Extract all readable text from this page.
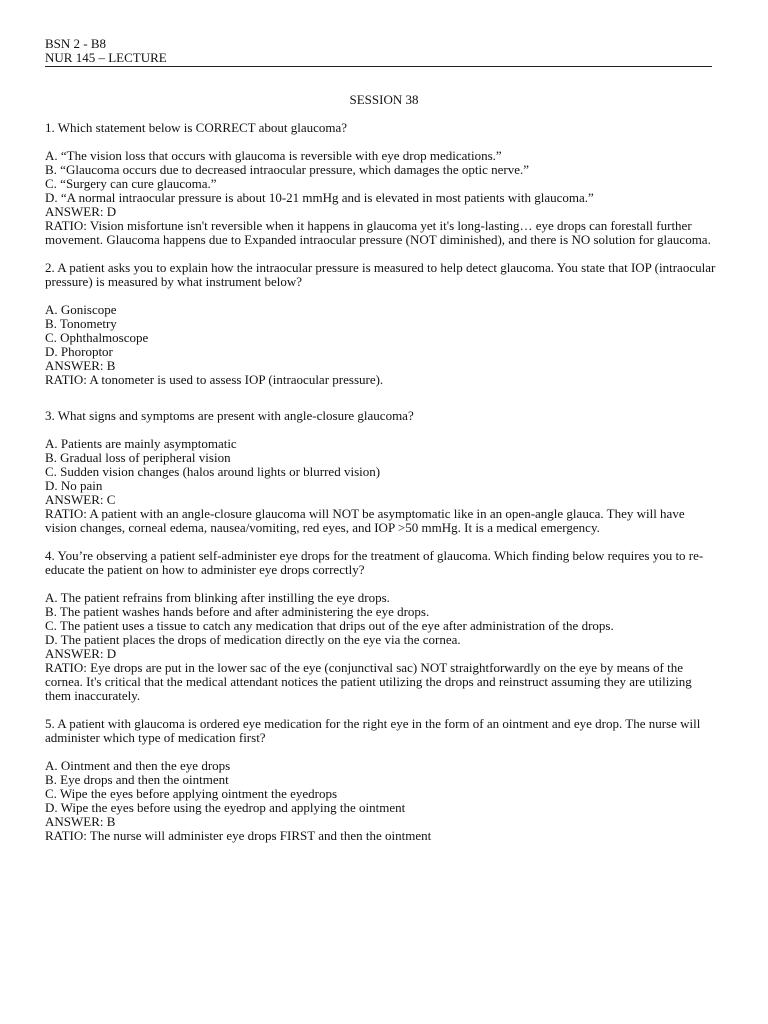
BSN 2 - B8
NUR 145 – LECTURE
SESSION 38
1. Which statement below is CORRECT about glaucoma?
A. “The vision loss that occurs with glaucoma is reversible with eye drop medications.”
B. “Glaucoma occurs due to decreased intraocular pressure, which damages the optic nerve.”
C. “Surgery can cure glaucoma.”
D. “A normal intraocular pressure is about 10-21 mmHg and is elevated in most patients with glaucoma.”
ANSWER: D
RATIO: Vision misfortune isn't reversible when it happens in glaucoma yet it's long-lasting… eye drops can forestall further movement. Glaucoma happens due to Expanded intraocular pressure (NOT diminished), and there is NO solution for glaucoma.
2. A patient asks you to explain how the intraocular pressure is measured to help detect glaucoma. You state that IOP (intraocular pressure) is measured by what instrument below?
A. Goniscope
B. Tonometry
C. Ophthalmoscope
D. Phoroptor
ANSWER: B
RATIO: A tonometer is used to assess IOP (intraocular pressure).
3. What signs and symptoms are present with angle-closure glaucoma?
A. Patients are mainly asymptomatic
B. Gradual loss of peripheral vision
C. Sudden vision changes (halos around lights or blurred vision)
D. No pain
ANSWER: C
RATIO: A patient with an angle-closure glaucoma will NOT be asymptomatic like in an open-angle glauca. They will have vision changes, corneal edema, nausea/vomiting, red eyes, and IOP >50 mmHg. It is a medical emergency.
4. You’re observing a patient self-administer eye drops for the treatment of glaucoma. Which finding below requires you to re-educate the patient on how to administer eye drops correctly?
A. The patient refrains from blinking after instilling the eye drops.
B. The patient washes hands before and after administering the eye drops.
C. The patient uses a tissue to catch any medication that drips out of the eye after administration of the drops.
D. The patient places the drops of medication directly on the eye via the cornea.
ANSWER: D
RATIO: Eye drops are put in the lower sac of the eye (conjunctival sac) NOT straightforwardly on the eye by means of the cornea. It's critical that the medical attendant notices the patient utilizing the drops and reinstruct assuming they are utilizing them inaccurately.
5. A patient with glaucoma is ordered eye medication for the right eye in the form of an ointment and eye drop. The nurse will administer which type of medication first?
A. Ointment and then the eye drops
B. Eye drops and then the ointment
C. Wipe the eyes before applying ointment the eyedrops
D. Wipe the eyes before using the eyedrop and applying the ointment
ANSWER: B
RATIO: The nurse will administer eye drops FIRST and then the ointment
